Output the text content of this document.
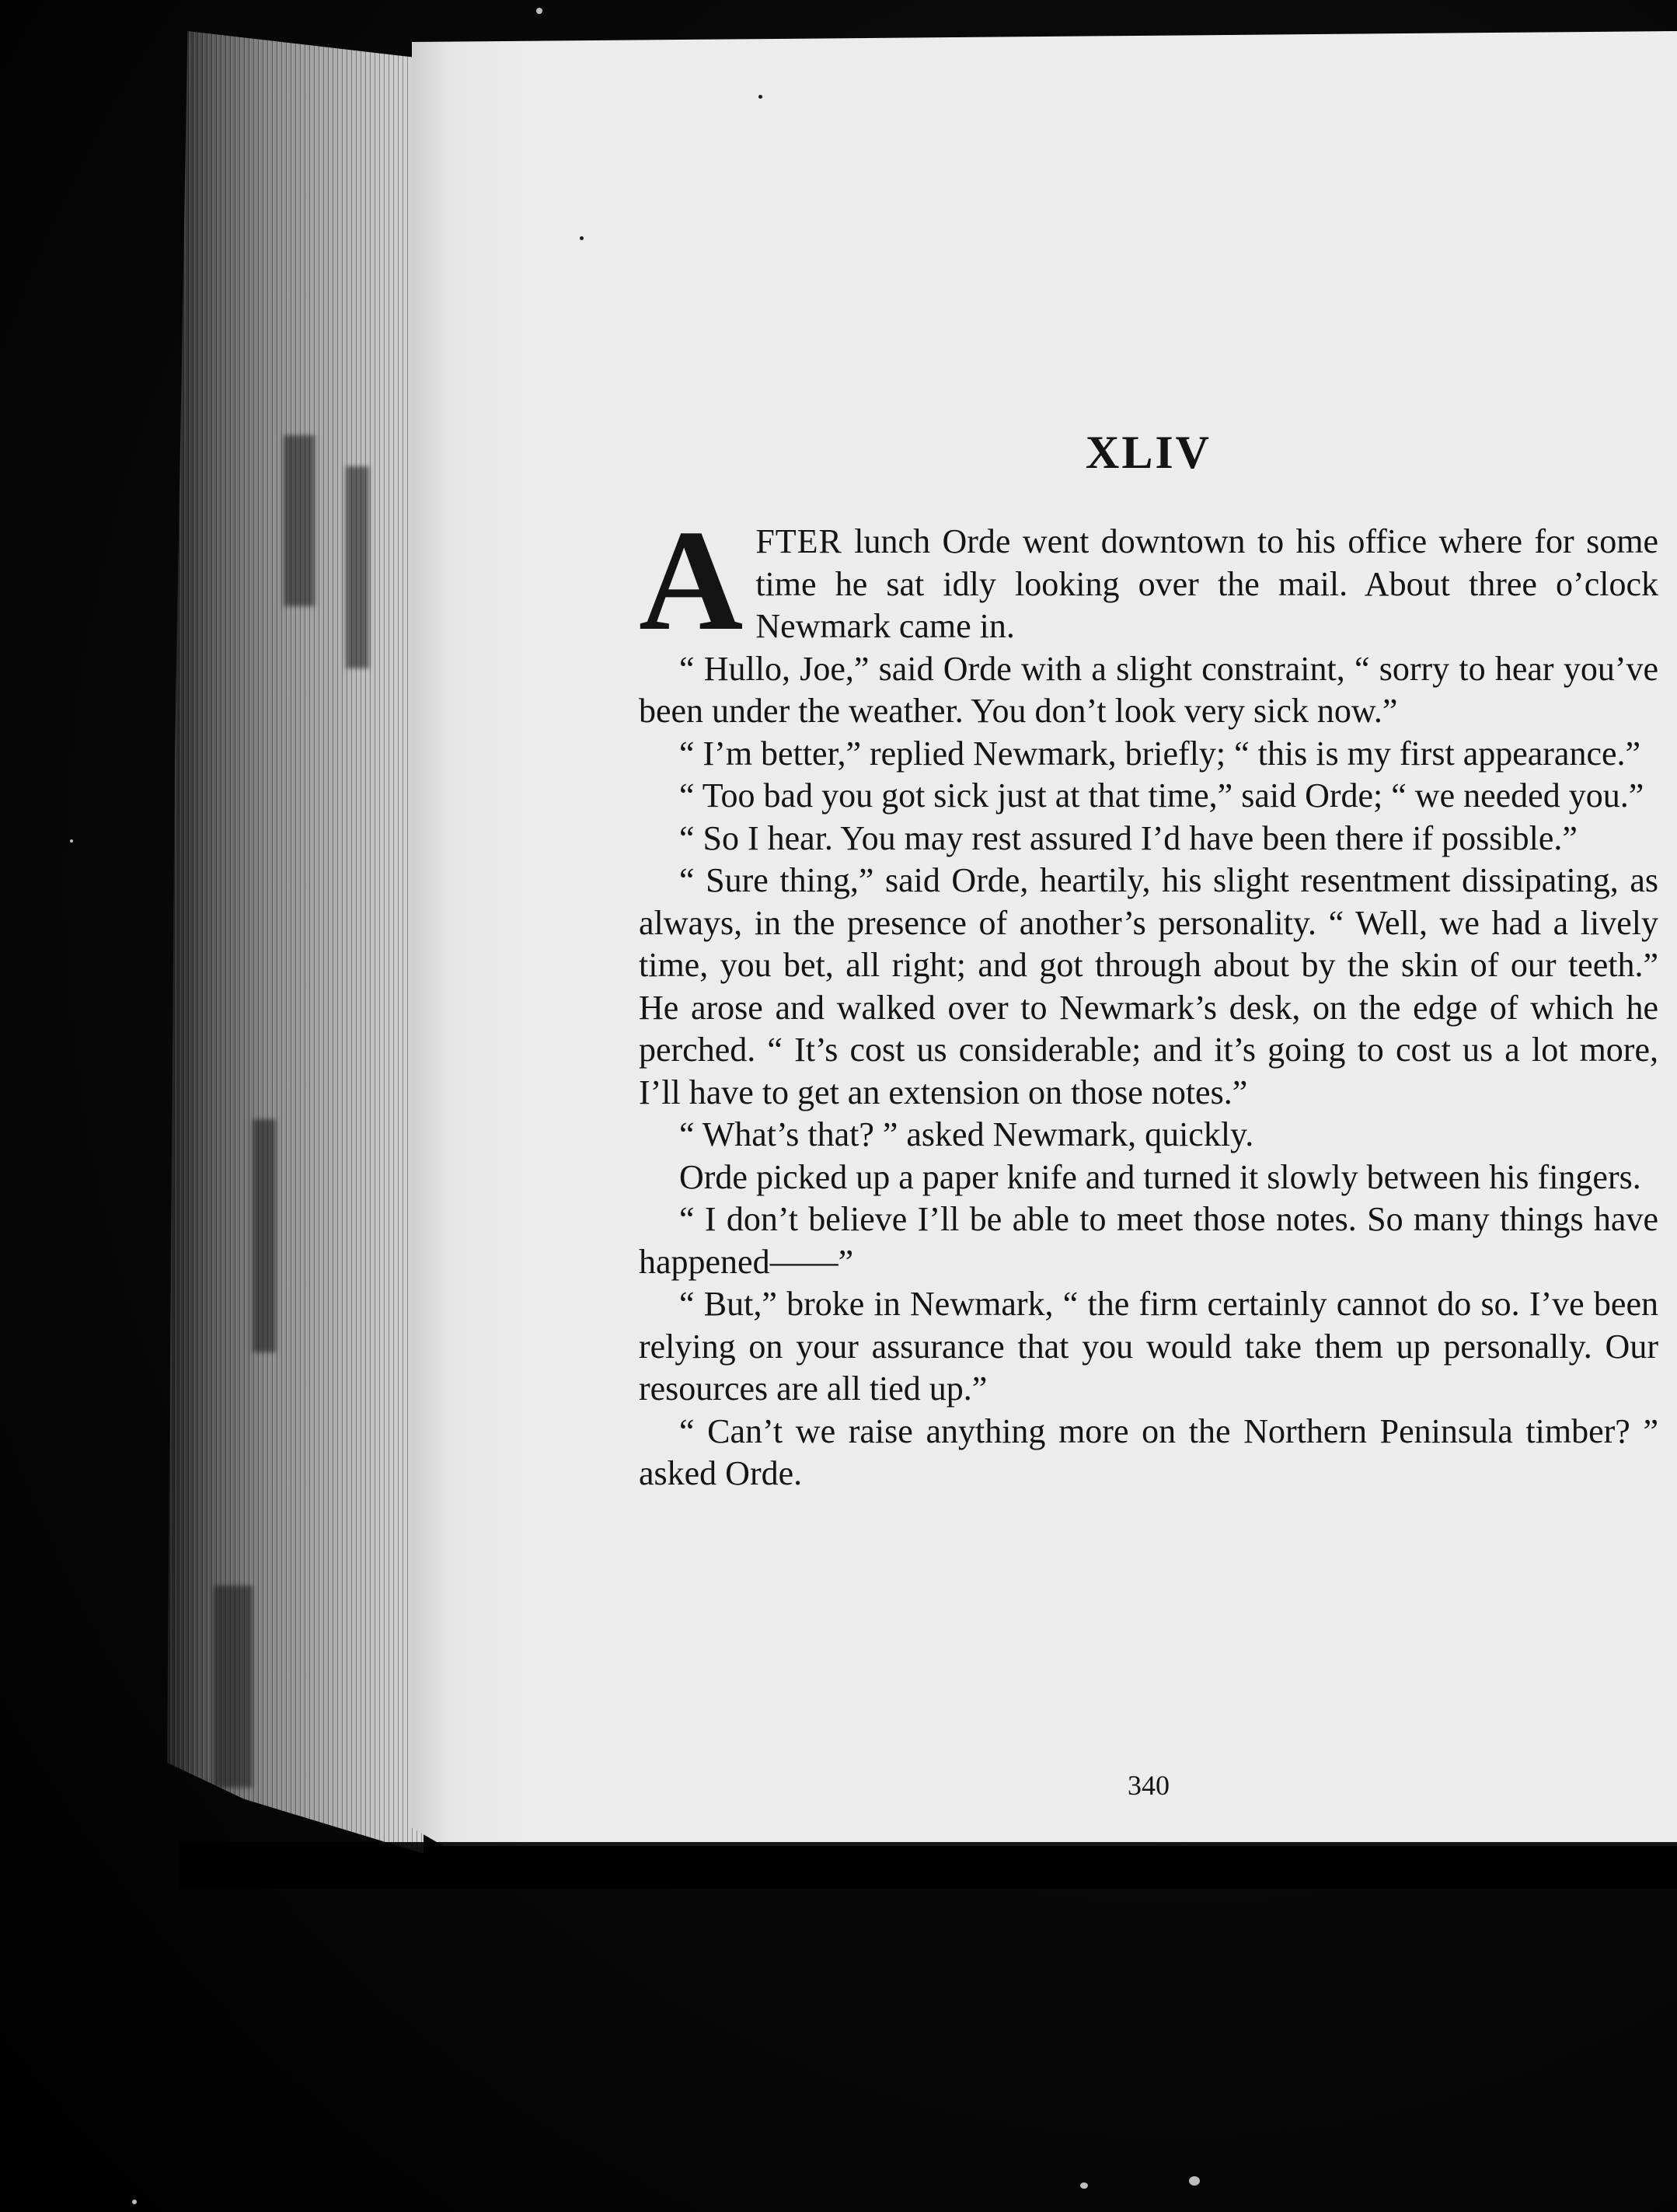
XLIV

AFTER lunch Orde went downtown to his office where for some time he sat idly looking over the mail. About three o’clock Newmark came in.

“ Hullo, Joe,” said Orde with a slight constraint, “ sorry to hear you’ve been under the weather. You don’t look very sick now.”

“ I’m better,” replied Newmark, briefly; “ this is my first appearance.”

“ Too bad you got sick just at that time,” said Orde; “ we needed you.”

“ So I hear. You may rest assured I’d have been there if possible.”

“ Sure thing,” said Orde, heartily, his slight resentment dissipating, as always, in the presence of another’s personality. “ Well, we had a lively time, you bet, all right; and got through about by the skin of our teeth.” He arose and walked over to Newmark’s desk, on the edge of which he perched. “ It’s cost us considerable; and it’s going to cost us a lot more, I’ll have to get an extension on those notes.”

“ What’s that? ” asked Newmark, quickly.

Orde picked up a paper knife and turned it slowly between his fingers.

“ I don’t believe I’ll be able to meet those notes. So many things have happened——”

“ But,” broke in Newmark, “ the firm certainly cannot do so. I’ve been relying on your assurance that you would take them up personally. Our resources are all tied up.”

“ Can’t we raise anything more on the Northern Peninsula timber? ” asked Orde.

340
